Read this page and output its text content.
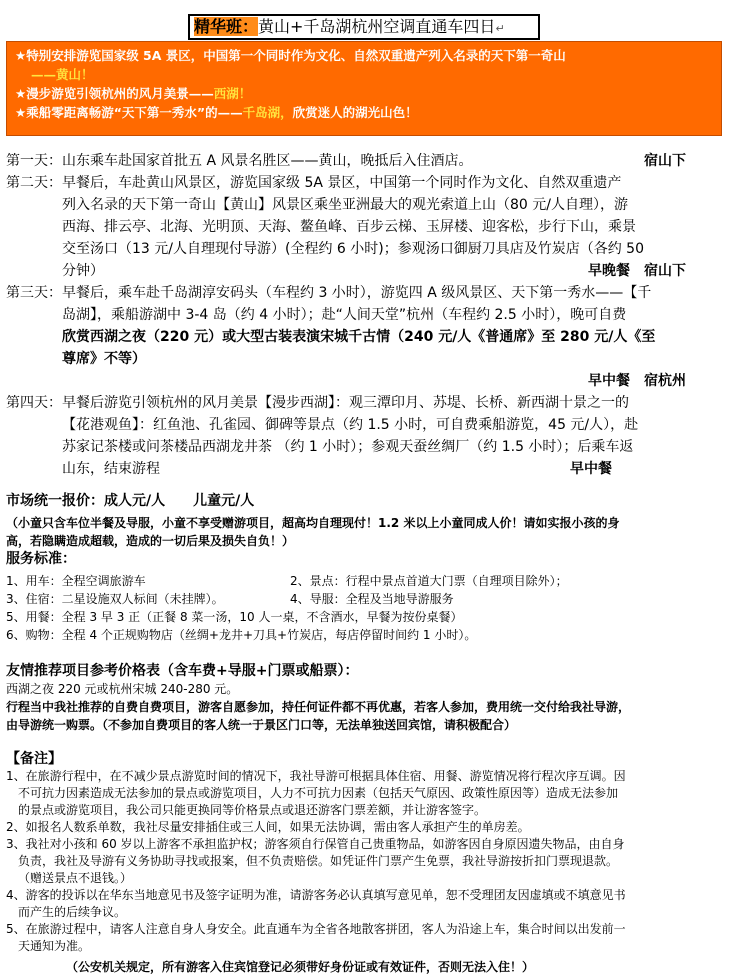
精华班：黄山+千岛湖杭州空调直通车四日↵
★特别安排游览国家级 5A 景区，中国第一个同时作为文化、自然双重遗产列入名录的天下第一奇山
——黄山！
★漫步游览引领杭州的风月美景——西湖！
★乘船零距离畅游“天下第一秀水”的——千岛湖，欣赏迷人的湖光山色！
第一天：山东乘车赴国家首批五 A 风景名胜区——黄山，晚抵后入住酒店。	宿山下
第二天：早餐后，车赴黄山风景区，游览国家级 5A 景区，中国第一个同时作为文化、自然双重遗产
列入名录的天下第一奇山【黄山】风景区乘坐亚洲最大的观光索道上山（80 元/人自理），游
西海、排云亭、北海、光明顶、天海、鳌鱼峰、百步云梯、玉屏楼、迎客松，步行下山，乘景
交至汤口（13 元/人自理现付导游）(全程约 6 小时)；参观汤口御厨刀具店及竹炭店（各约 50
分钟）	早晚餐　宿山下
第三天：早餐后，乘车赴千岛湖淳安码头（车程约 3 小时），游览四 A 级风景区、天下第一秀水——【千
岛湖】，乘船游湖中 3-4 岛（约 4 小时）；赴“人间天堂”杭州（车程约 2.5 小时），晚可自费
欣赏西湖之夜（220 元）或大型古装表演宋城千古情（240 元/人《普通席》至 280 元/人《至
尊席》不等）
早中餐　宿杭州
第四天：早餐后游览引领杭州的风月美景【漫步西湖】：观三潭印月、苏堤、长桥、新西湖十景之一的
【花港观鱼】：红鱼池、孔雀园、御碑等景点（约 1.5 小时，可自费乘船游览，45 元/人），赴
苏家记茶楼或问茶楼品西湖龙井茶 （约 1 小时）；参观天蚕丝绸厂（约 1.5 小时）；后乘车返
山东，结束游程	早中餐
市场统一报价：成人元/人　　儿童元/人
（小童只含车位半餐及导服，小童不享受赠游项目，超高均自理现付！1.2 米以上小童同成人价！请如实报小孩的身
高，若隐瞒造成超载，造成的一切后果及损失自负！）
服务标准：
1、用车：全程空调旅游车	2、景点：行程中景点首道大门票（自理项目除外）；
3、住宿：二星设施双人标间（未挂牌）。	4、导服：全程及当地导游服务
5、用餐：全程 3 早 3 正（正餐 8 菜一汤，10 人一桌，不含酒水，早餐为按份桌餐）
6、购物：全程 4 个正规购物店（丝绸+龙井+刀具+竹炭店，每店停留时间约 1 小时）。
友情推荐项目参考价格表（含车费+导服+门票或船票）：
西湖之夜 220 元或杭州宋城 240-280 元。
行程当中我社推荐的自费自费项目，游客自愿参加，持任何证件都不再优惠，若客人参加，费用统一交付给我社导游，
由导游统一购票。（不参加自费项目的客人统一于景区门口等，无法单独送回宾馆，请积极配合）
【备注】
1、在旅游行程中，在不减少景点游览时间的情况下，我社导游可根据具体住宿、用餐、游览情况将行程次序互调。因
不可抗力因素造成无法参加的景点或游览项目，人力不可抗力因素（包括天气原因、政策性原因等）造成无法参加
的景点或游览项目，我公司只能更换同等价格景点或退还游客门票差额，并让游客签字。
2、如报名人数系单数，我社尽量安排插住或三人间，如果无法协调，需由客人承担产生的单房差。
3、我社对小孩和 60 岁以上游客不承担监护权；游客须自行保管自己贵重物品，如游客因自身原因遗失物品，由自身
负责，我社及导游有义务协助寻找或报案，但不负责赔偿。如凭证件门票产生免票，我社导游按折扣门票现退款。
（赠送景点不退钱。）
4、游客的投诉以在华东当地意见书及签字证明为准，请游客务必认真填写意见单，恕不受理团友因虚填或不填意见书
而产生的后续争议。
5、在旅游过程中，请客人注意自身人身安全。此直通车为全省各地散客拼团，客人为沿途上车，集合时间以出发前一
天通知为准。
（公安机关规定，所有游客入住宾馆登记必须带好身份证或有效证件，否则无法入住！）
